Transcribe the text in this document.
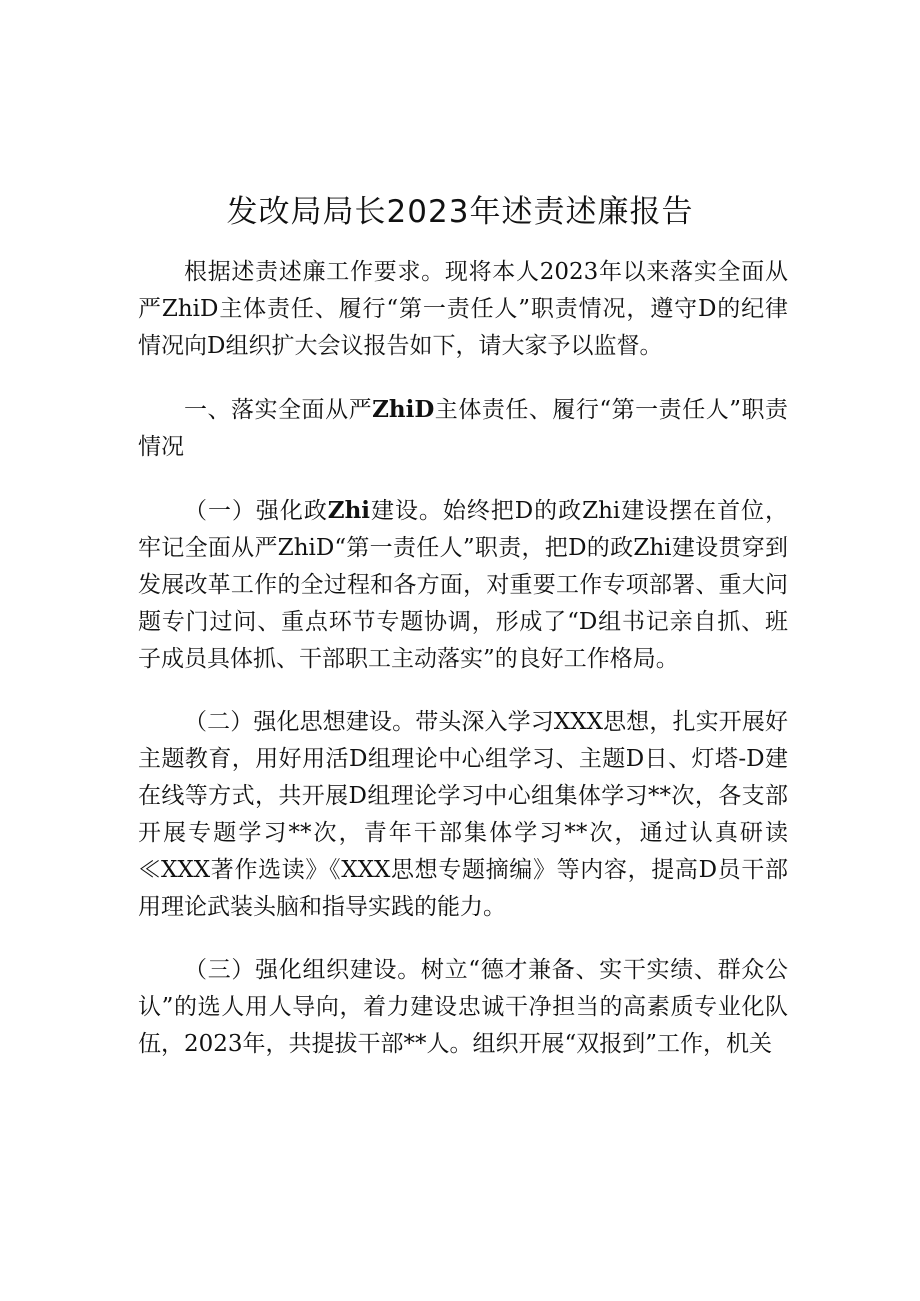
发改局局长2023年述责述廉报告

根据述责述廉工作要求。现将本人2023年以来落实全面从严ZhiD主体责任、履行“第一责任人”职责情况，遵守D的纪律情况向D组织扩大会议报告如下，请大家予以监督。

一、落实全面从严ZhiD主体责任、履行“第一责任人”职责情况

（一）强化政Zhi建设。始终把D的政Zhi建设摆在首位，牢记全面从严ZhiD“第一责任人”职责，把D的政Zhi建设贯穿到发展改革工作的全过程和各方面，对重要工作专项部署、重大问题专门过问、重点环节专题协调，形成了“D组书记亲自抓、班子成员具体抓、干部职工主动落实”的良好工作格局。

（二）强化思想建设。带头深入学习XXX思想，扎实开展好主题教育，用好用活D组理论中心组学习、主题D日、灯塔-D建在线等方式，共开展D组理论学习中心组集体学习**次，各支部开展专题学习**次，青年干部集体学习**次，通过认真研读≪XXX著作选读》《XXX思想专题摘编》等内容，提高D员干部用理论武装头脑和指导实践的能力。

（三）强化组织建设。树立“德才兼备、实干实绩、群众公认”的选人用人导向，着力建设忠诚干净担当的高素质专业化队伍，2023年，共提拔干部**人。组织开展“双报到”工作，机关
